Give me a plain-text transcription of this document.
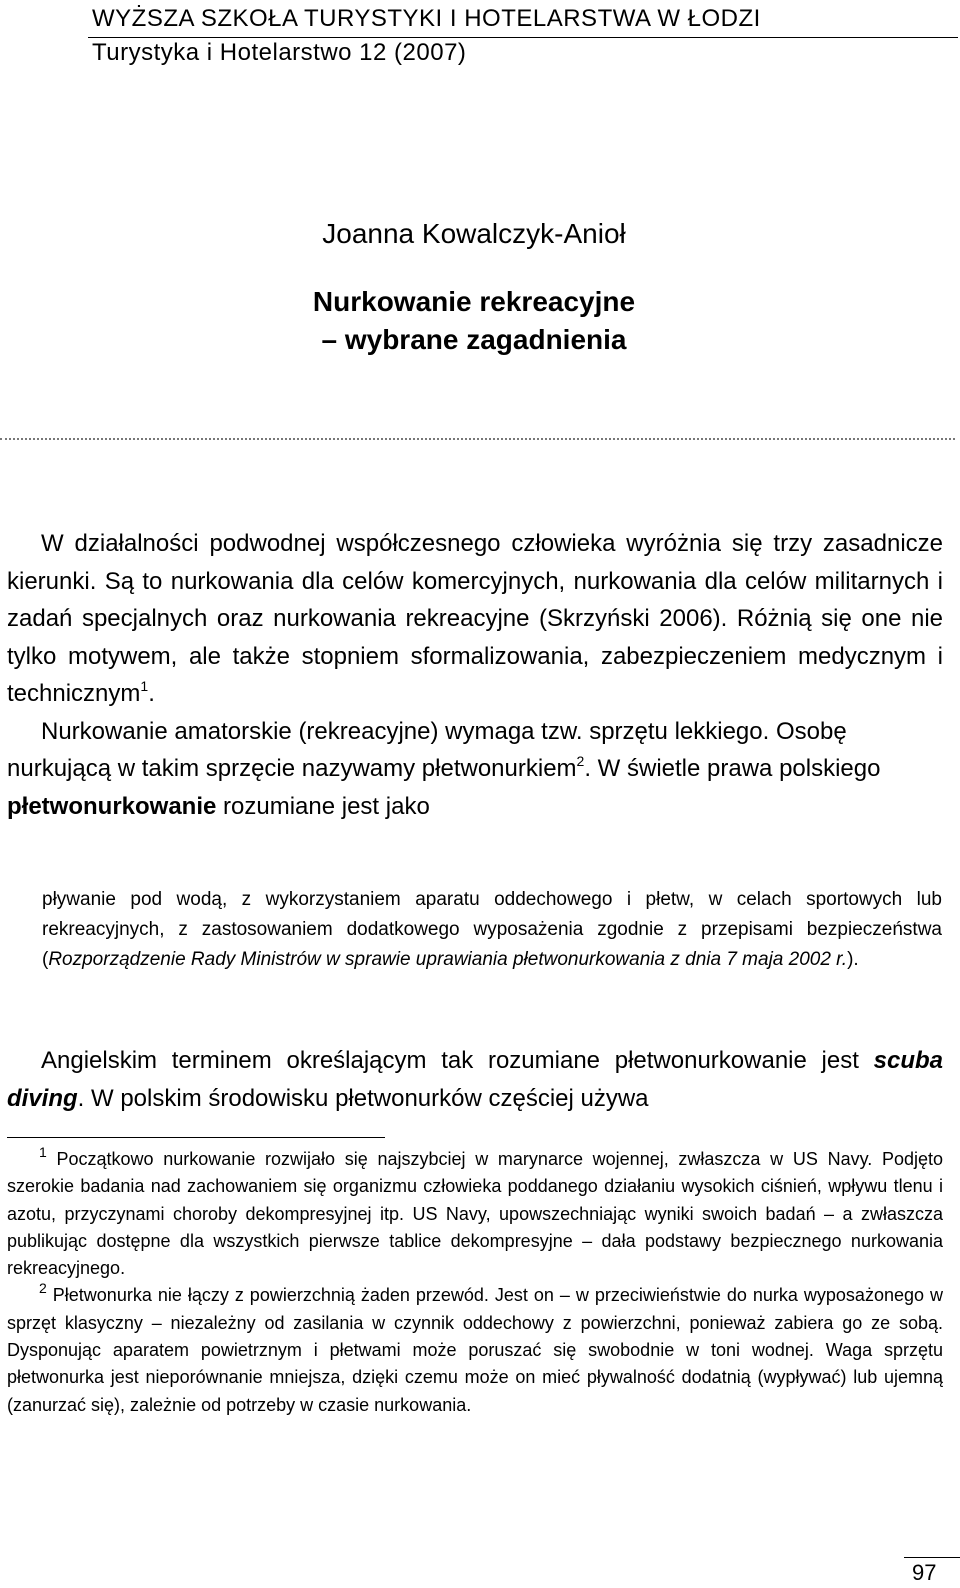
WYŻSZA SZKOŁA TURYSTYKI I HOTELARSTWA W ŁODZI
Turystyka i Hotelarstwo 12 (2007)
Joanna Kowalczyk-Anioł
Nurkowanie rekreacyjne
– wybrane zagadnienia

W działalności podwodnej współczesnego człowieka wyróżnia się trzy zasadnicze kierunki. Są to nurkowania dla celów komercyjnych, nurkowania dla celów militarnych i zadań specjalnych oraz nurkowania rekreacyjne (Skrzyński 2006). Różnią się one nie tylko motywem, ale także stopniem sformalizowania, zabezpieczeniem medycznym i technicznym$^1$.

Nurkowanie amatorskie (rekreacyjne) wymaga tzw. sprzętu lekkiego. Osobę nurkującą w takim sprzęcie nazywamy płetwonurkiem$^2$. W świetle prawa polskiego płetwonurkowanie rozumiane jest jako

pływanie pod wodą, z wykorzystaniem aparatu oddechowego i płetw, w celach sportowych lub rekreacyjnych, z zastosowaniem dodatkowego wyposażenia zgodnie z przepisami bezpieczeństwa (Rozporządzenie Rady Ministrów w sprawie uprawiania płetwonurkowania z dnia 7 maja 2002 r.).

Angielskim terminem określającym tak rozumiane płetwonurkowanie jest scuba diving. W polskim środowisku płetwonurków częściej używa

$^1$ Początkowo nurkowanie rozwijało się najszybciej w marynarce wojennej, zwłaszcza w US Navy. Podjęto szerokie badania nad zachowaniem się organizmu człowieka poddanego działaniu wysokich ciśnień, wpływu tlenu i azotu, przyczynami choroby dekompresyjnej itp. US Navy, upowszechniając wyniki swoich badań – a zwłaszcza publikując dostępne dla wszystkich pierwsze tablice dekompresyjne – dała podstawy bezpiecznego nurkowania rekreacyjnego.

$^2$ Płetwonurka nie łączy z powierzchnią żaden przewód. Jest on – w przeciwieństwie do nurka wyposażonego w sprzęt klasyczny – niezależny od zasilania w czynnik oddechowy z powierzchni, ponieważ zabiera go ze sobą. Dysponując aparatem powietrznym i płetwami może poruszać się swobodnie w toni wodnej. Waga sprzętu płetwonurka jest nieporównanie mniejsza, dzięki czemu może on mieć pływalność dodatnią (wypływać) lub ujemną (zanurzać się), zależnie od potrzeby w czasie nurkowania.

97
